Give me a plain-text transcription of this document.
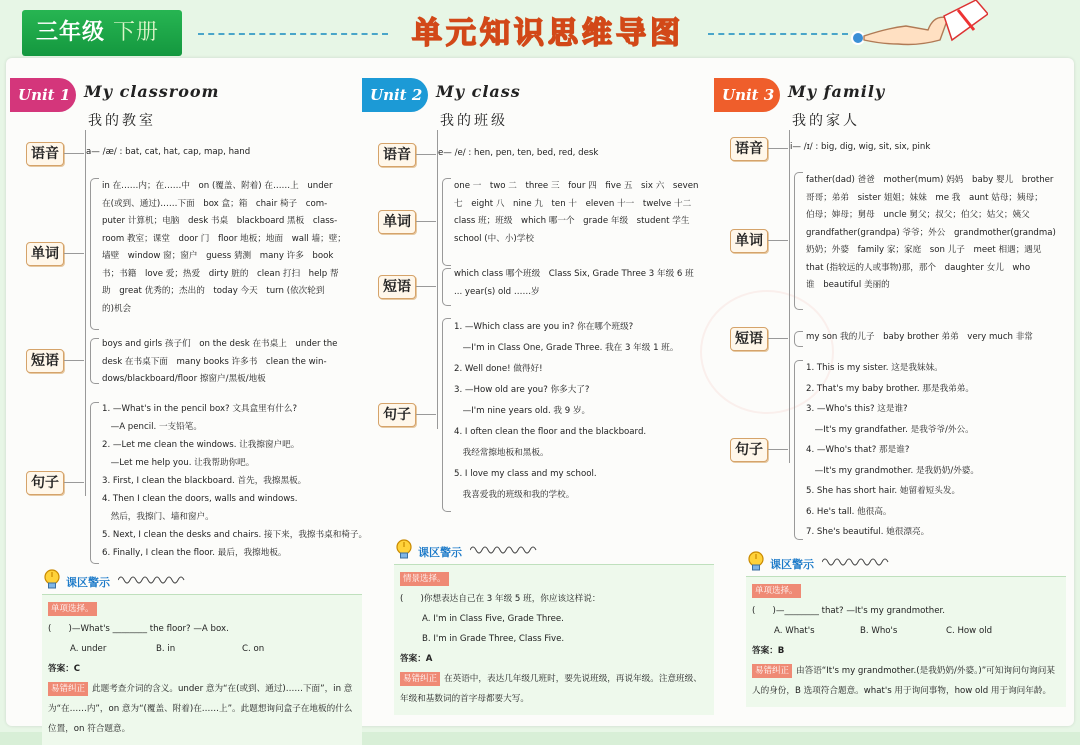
三年级 下册	单元知识思维导图
Unit 1 My classroom
我的教室
语音	a— /æ/ : bat, cat, hat, cap, map, hand
单词
in 在……内；在……中　on (覆盖、附着) 在……上　under
在(或到、通过)……下面　box 盒；箱　chair 椅子　com-
puter 计算机；电脑　desk 书桌　blackboard 黑板　class-
room 教室；课堂　door 门　floor 地板；地面　wall 墙；壁；
墙壁　window 窗；窗户　guess 猜测　many 许多　book
书；书籍　love 爱；热爱　dirty 脏的　clean 打扫　help 帮
助　great 优秀的；杰出的　today 今天　turn (依次轮到
的)机会
短语
boys and girls 孩子们　on the desk 在书桌上　under the
desk 在书桌下面　many books 许多书　clean the win-
dows/blackboard/floor 擦窗户/黑板/地板
句子
1. —What's in the pencil box? 文具盒里有什么?
　—A pencil. 一支铅笔。
2. —Let me clean the windows. 让我擦窗户吧。
　—Let me help you. 让我帮助你吧。
3. First, I clean the blackboard. 首先，我擦黑板。
4. Then I clean the doors, walls and windows.
　然后，我擦门、墙和窗户。
5. Next, I clean the desks and chairs. 接下来，我擦书桌和椅子。
6. Finally, I clean the floor. 最后，我擦地板。
课区警示
单项选择。
(　　)—What's ________ the floor? —A box.
A. under	B. in	C. on
答案：C
易错纠正 此题考查介词的含义。under 意为“在(或到、通过)……下面”，in 意为“在……内”，on 意为“(覆盖、附着)在……上”。此题想询问盒子在地板的什么位置，on 符合题意。
Unit 2 My class
我的班级
语音	e— /e/ : hen, pen, ten, bed, red, desk
单词
one 一　two 二　three 三　four 四　five 五　six 六　seven
七　eight 八　nine 九　ten 十　eleven 十一　twelve 十二
class 班；班级　which 哪一个　grade 年级　student 学生
school (中、小)学校
短语
which class 哪个班级　Class Six, Grade Three 3 年级 6 班
... year(s) old ……岁
句子
1. —Which class are you in? 你在哪个班级?
　—I'm in Class One, Grade Three. 我在 3 年级 1 班。
2. Well done! 做得好!
3. —How old are you? 你多大了?
　—I'm nine years old. 我 9 岁。
4. I often clean the floor and the blackboard.
　我经常擦地板和黑板。
5. I love my class and my school.
　我喜爱我的班级和我的学校。
课区警示
情景选择。
(　　)你想表达自己在 3 年级 5 班，你应该这样说：
A. I'm in Class Five, Grade Three.
B. I'm in Grade Three, Class Five.
答案：A
易错纠正 在英语中，表达几年级几班时，要先说班级，再说年级。注意班级、年级和基数词的首字母都要大写。
Unit 3 My family
我的家人
语音	i— /ɪ/ : big, dig, wig, sit, six, pink
单词
father(dad) 爸爸　mother(mum) 妈妈　baby 婴儿　brother
哥哥；弟弟　sister 姐姐；妹妹　me 我　aunt 姑母；姨母；
伯母；婶母；舅母　uncle 舅父；叔父；伯父；姑父；姨父
grandfather(grandpa) 爷爷；外公　grandmother(grandma)
奶奶；外婆　family 家；家庭　son 儿子　meet 相遇；遇见
that (指较远的人或事物)那，那个　daughter 女儿　who
谁　beautiful 美丽的
短语	my son 我的儿子　baby brother 弟弟　very much 非常
句子
1. This is my sister. 这是我妹妹。
2. That's my baby brother. 那是我弟弟。
3. —Who's this? 这是谁?
　—It's my grandfather. 是我爷爷/外公。
4. —Who's that? 那是谁?
　—It's my grandmother. 是我奶奶/外婆。
5. She has short hair. 她留着短头发。
6. He's tall. 他很高。
7. She's beautiful. 她很漂亮。
课区警示
单项选择。
(　　)—________ that? —It's my grandmother.
A. What's	B. Who's	C. How old
答案：B
易错纠正 由答语“It's my grandmother.(是我奶奶/外婆。)”可知询问句询问某人的身份，B 选项符合题意。what's 用于询问事物，how old 用于询问年龄。
